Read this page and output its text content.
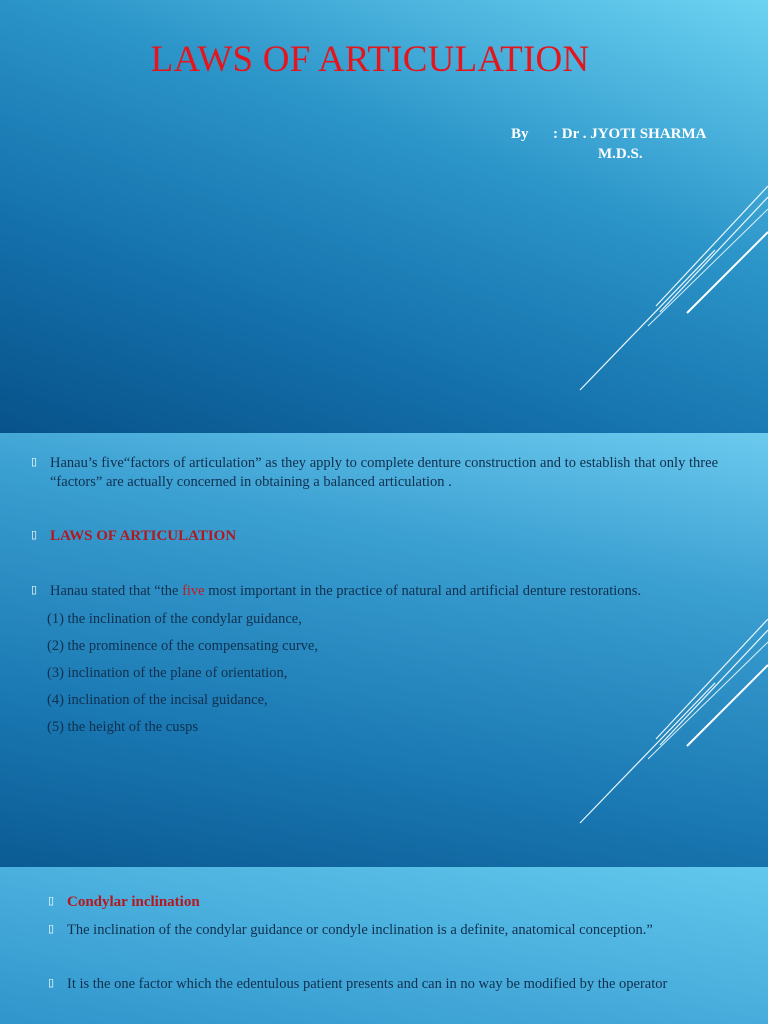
LAWS OF ARTICULATION
By : Dr . JYOTI SHARMA
M.D.S.
▯ Hanau’s five“factors of articulation” as they apply to complete denture construction and to establish that only three “factors” are actually concerned in obtaining a balanced articulation .
▯ LAWS OF ARTICULATION
▯ Hanau stated that “the five most important in the practice of natural and artificial denture restorations.
(1) the inclination of the condylar guidance,
(2) the prominence of the compensating curve,
(3) inclination of the plane of orientation,
(4) inclination of the incisal guidance,
(5) the height of the cusps
▯ Condylar inclination
▯ The inclination of the condylar guidance or condyle inclination is a definite, anatomical conception.”
▯ It is the one factor which the edentulous patient presents and can in no way be modified by the operator
